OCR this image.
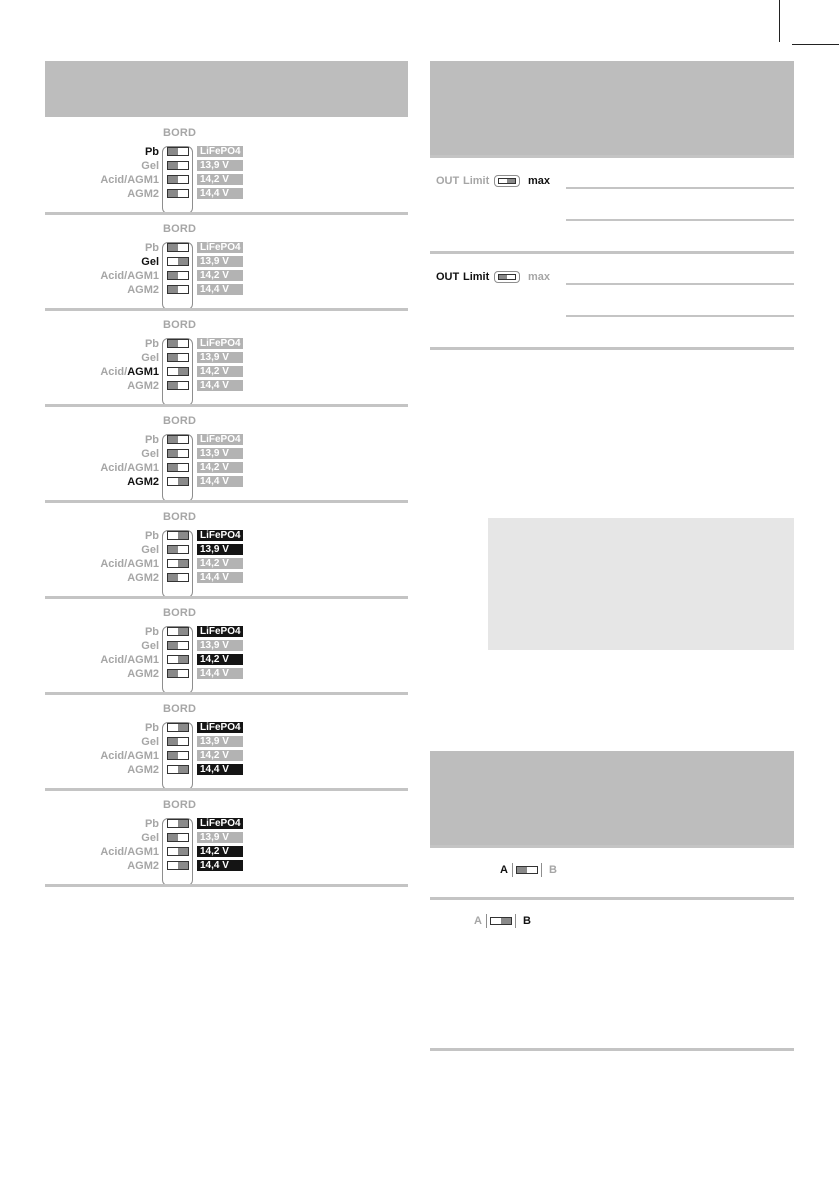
BORD
Pb	LiFePO4
Gel	13,9 V
Acid/AGM1	14,2 V
AGM2	14,4 V
BORD
Pb	LiFePO4
Gel	13,9 V
Acid/AGM1	14,2 V
AGM2	14,4 V
BORD
Pb	LiFePO4
Gel	13,9 V
Acid/AGM1	14,2 V
AGM2	14,4 V
BORD
Pb	LiFePO4
Gel	13,9 V
Acid/AGM1	14,2 V
AGM2	14,4 V
BORD
Pb	LiFePO4
Gel	13,9 V
Acid/AGM1	14,2 V
AGM2	14,4 V
BORD
Pb	LiFePO4
Gel	13,9 V
Acid/AGM1	14,2 V
AGM2	14,4 V
BORD
Pb	LiFePO4
Gel	13,9 V
Acid/AGM1	14,2 V
AGM2	14,4 V
BORD
Pb	LiFePO4
Gel	13,9 V
Acid/AGM1	14,2 V
AGM2	14,4 V
OUT Limit	max
OUT Limit	max
A	B
A	B
